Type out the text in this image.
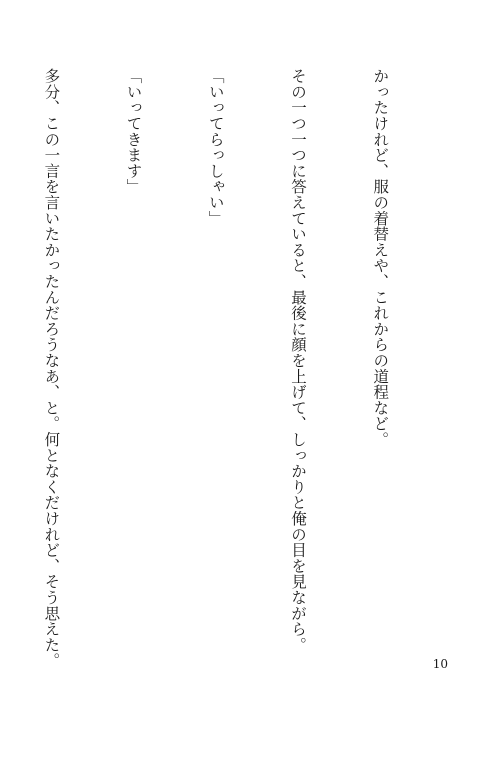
かったけれど、服の着替えや、これからの道程など。

その一つ一つに答えていると、最後に顔を上げて、しっかりと俺の目を見ながら。

「いってらっしゃい」

「いってきます」

多分、この一言を言いたかったんだろうなあ、と。何となくだけれど、そう思えた。

	10
